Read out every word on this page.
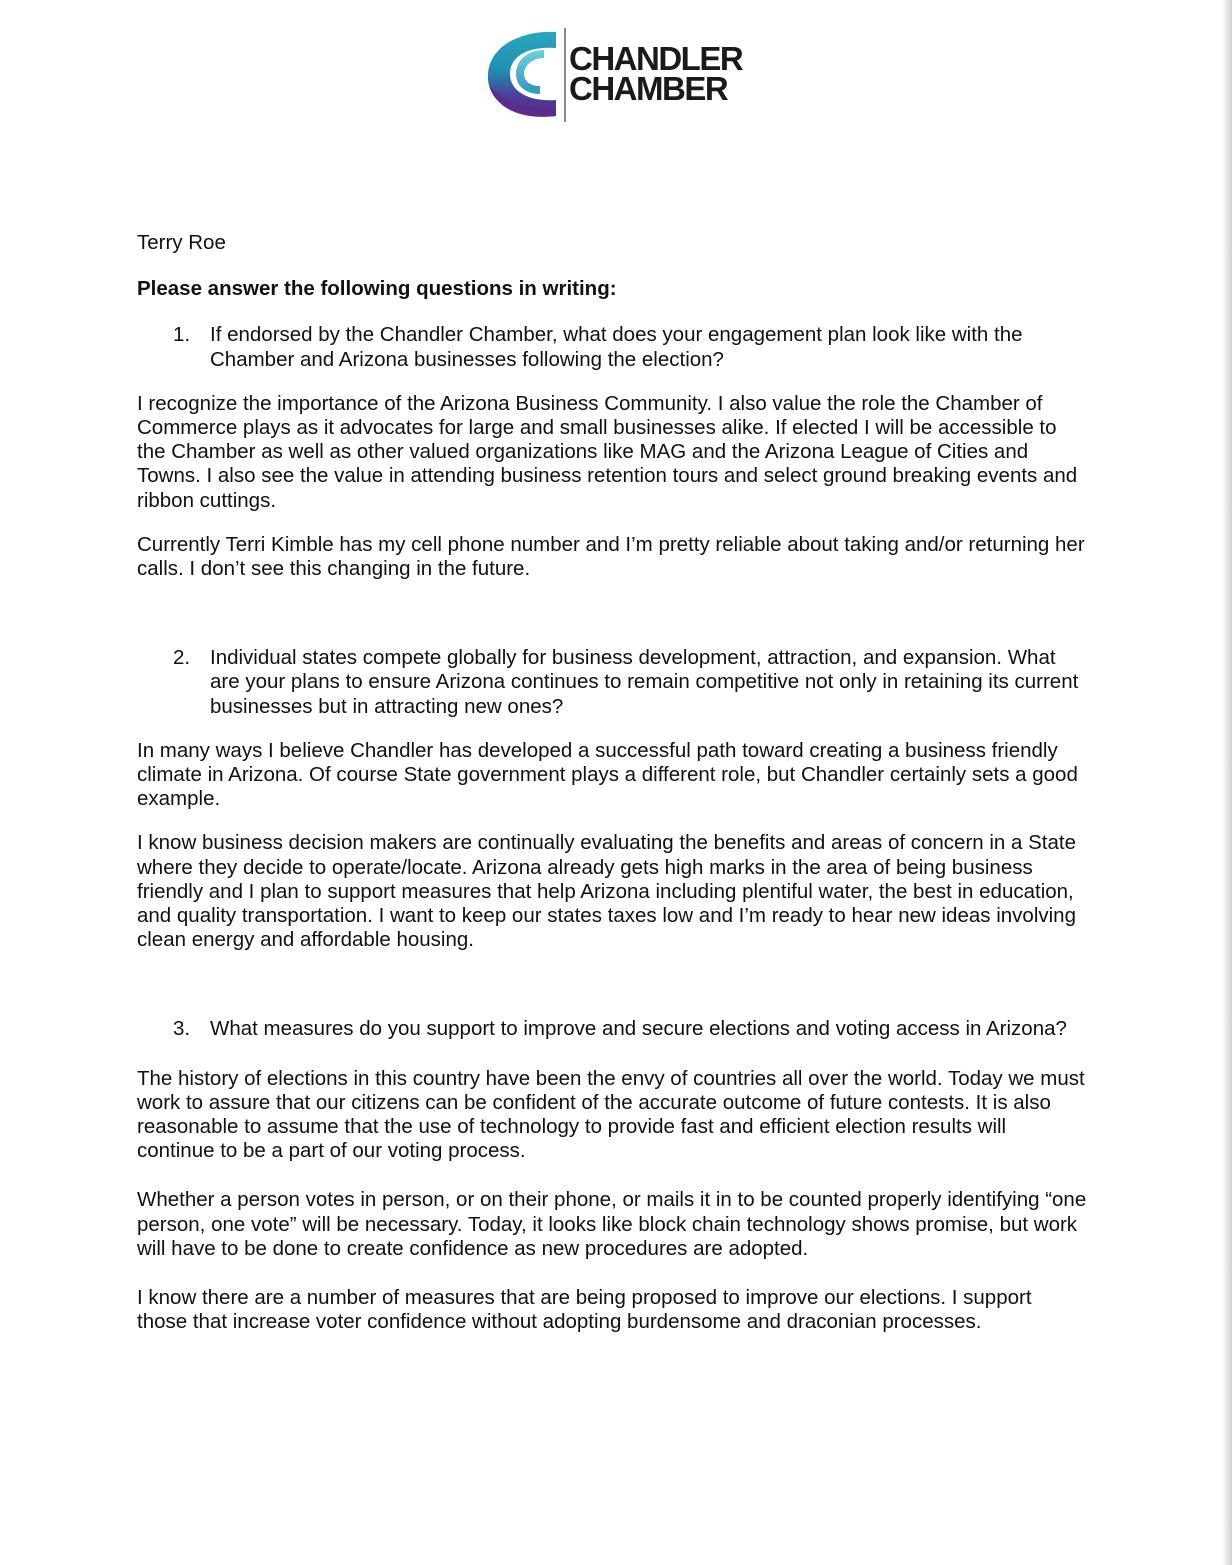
CHANDLER
CHAMBER

Terry Roe

Please answer the following questions in writing:

1. If endorsed by the Chandler Chamber, what does your engagement plan look like with the Chamber and Arizona businesses following the election?

I recognize the importance of the Arizona Business Community. I also value the role the Chamber of Commerce plays as it advocates for large and small businesses alike. If elected I will be accessible to the Chamber as well as other valued organizations like MAG and the Arizona League of Cities and Towns. I also see the value in attending business retention tours and select ground breaking events and ribbon cuttings.

Currently Terri Kimble has my cell phone number and I’m pretty reliable about taking and/or returning her calls. I don’t see this changing in the future.

2. Individual states compete globally for business development, attraction, and expansion. What are your plans to ensure Arizona continues to remain competitive not only in retaining its current businesses but in attracting new ones?

In many ways I believe Chandler has developed a successful path toward creating a business friendly climate in Arizona. Of course State government plays a different role, but Chandler certainly sets a good example.

I know business decision makers are continually evaluating the benefits and areas of concern in a State where they decide to operate/locate. Arizona already gets high marks in the area of being business friendly and I plan to support measures that help Arizona including plentiful water, the best in education, and quality transportation. I want to keep our states taxes low and I’m ready to hear new ideas involving clean energy and affordable housing.

3. What measures do you support to improve and secure elections and voting access in Arizona?

The history of elections in this country have been the envy of countries all over the world. Today we must work to assure that our citizens can be confident of the accurate outcome of future contests. It is also reasonable to assume that the use of technology to provide fast and efficient election results will continue to be a part of our voting process.

Whether a person votes in person, or on their phone, or mails it in to be counted properly identifying “one person, one vote” will be necessary. Today, it looks like block chain technology shows promise, but work will have to be done to create confidence as new procedures are adopted.

I know there are a number of measures that are being proposed to improve our elections. I support those that increase voter confidence without adopting burdensome and draconian processes.
